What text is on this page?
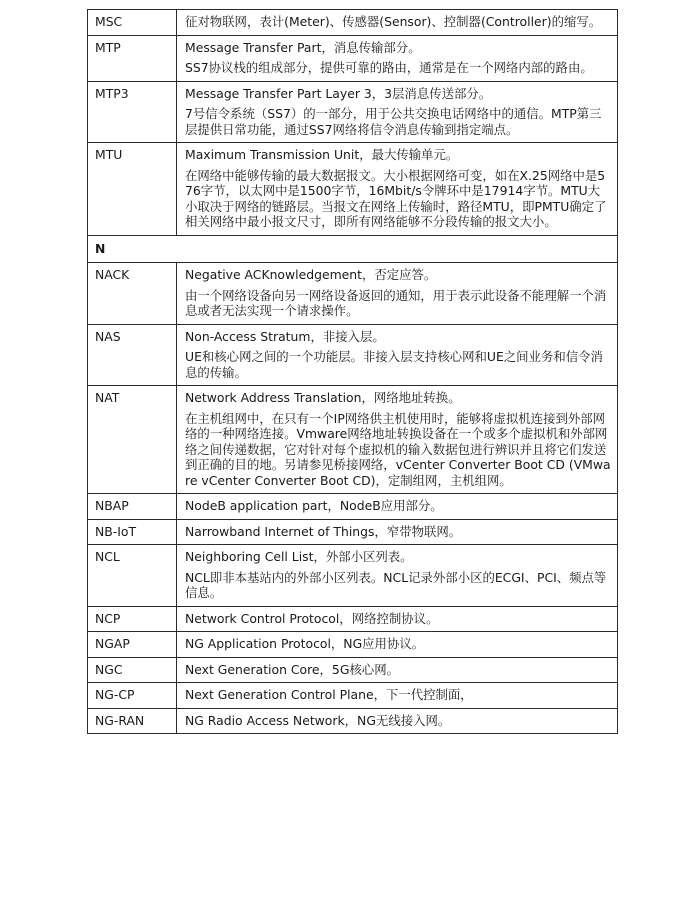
MSC	征对物联网，表计(Meter)、传感器(Sensor)、控制器(Controller)的缩写。

MTP	Message Transfer Part，消息传输部分。

SS7协议栈的组成部分，提供可靠的路由，通常是在一个网络内部的路由。

MTP3	Message Transfer Part Layer 3，3层消息传送部分。

7号信令系统（SS7）的一部分，用于公共交换电话网络中的通信。MTP第三层提供日常功能，通过SS7网络将信令消息传输到指定端点。

MTU	Maximum Transmission Unit，最大传输单元。

在网络中能够传输的最大数据报文。大小根据网络可变，如在X.25网络中是576字节，以太网中是1500字节，16Mbit/s令牌环中是17914字节。MTU大小取决于网络的链路层。当报文在网络上传输时，路径MTU，即PMTU确定了相关网络中最小报文尺寸，即所有网络能够不分段传输的报文大小。

N	
NACK	Negative ACKnowledgement，否定应答。

由一个网络设备向另一网络设备返回的通知，用于表示此设备不能理解一个消息或者无法实现一个请求操作。

NAS	Non-Access Stratum，非接入层。

UE和核心网之间的一个功能层。非接入层支持核心网和UE之间业务和信令消息的传输。

NAT	Network Address Translation，网络地址转换。

在主机组网中，在只有一个IP网络供主机使用时，能够将虚拟机连接到外部网络的一种网络连接。Vmware网络地址转换设备在一个或多个虚拟机和外部网络之间传递数据，它对针对每个虚拟机的输入数据包进行辨识并且将它们发送到正确的目的地。另请参见桥接网络，vCenter Converter Boot CD (VMware vCenter Converter Boot CD)，定制组网，主机组网。

NBAP	NodeB application part，NodeB应用部分。

NB-IoT	Narrowband Internet of Things，窄带物联网。

NCL	Neighboring Cell List，外部小区列表。

NCL即非本基站内的外部小区列表。NCL记录外部小区的ECGI、PCI、频点等信息。

NCP	Network Control Protocol，网络控制协议。

NGAP	NG Application Protocol，NG应用协议。

NGC	Next Generation Core，5G核心网。

NG-CP	Next Generation Control Plane，下一代控制面，

NG-RAN	NG Radio Access Network，NG无线接入网。
